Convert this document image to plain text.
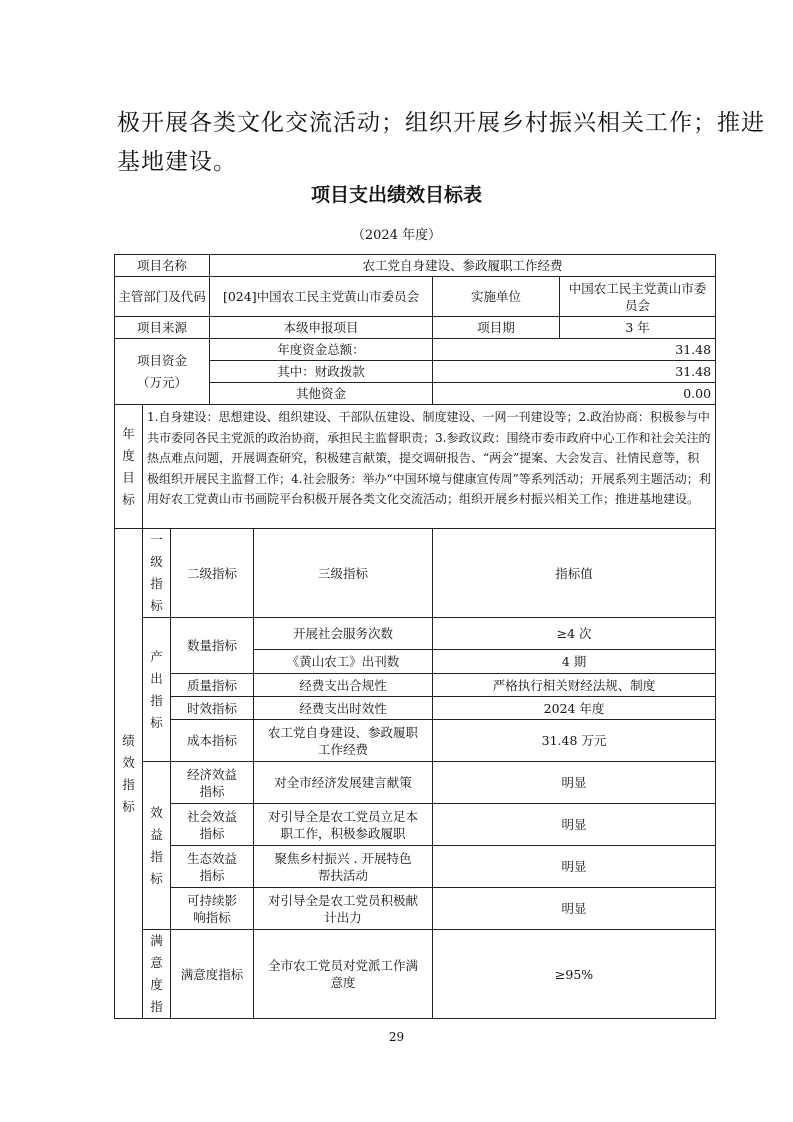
极开展各类文化交流活动；组织开展乡村振兴相关工作；推进
基地建设。
项目支出绩效目标表
（2024 年度）
项目名称			农工党自身建设、参政履职工作经费			
主管部门及代码			[024]中国农工民主党黄山市委员会		实施单位	中国农工民主党黄山市委员会
项目来源			本级申报项目		项目期	3 年
项目资金（万元）			年度资金总额：		31.48	
			其中：财政拨款		31.48	
			其他资金		0.00	

年度目标	1.自身建设：思想建设、组织建设、干部队伍建设、制度建设、一网一刊建设等；2.政治协商：积极参与中共市委同各民主党派的政治协商，承担民主监督职责；3.参政议政：围绕市委市政府中心工作和社会关注的热点难点问题，开展调查研究，积极建言献策，提交调研报告、“两会”提案、大会发言、社情民意等，积极组织开展民主监督工作；4.社会服务：举办“中国环境与健康宣传周”等系列活动；开展系列主题活动；利用好农工党黄山市书画院平台积极开展各类文化交流活动；组织开展乡村振兴相关工作；推进基地建设。					

绩效指标	一级指标	二级指标		三级指标	指标值	

	产出指标	数量指标		开展社会服务次数	≥4 次	
				《黄山农工》出刊数	4 期	
		质量指标		经费支出合规性	严格执行相关财经法规、制度	
		时效指标		经费支出时效性	2024 年度	
		成本指标		农工党自身建设、参政履职工作经费	31.48 万元	

	效益指标	经济效益指标		对全市经济发展建言献策	明显	
		社会效益指标		对引导全是农工党员立足本职工作，积极参政履职	明显	
		生态效益指标		聚焦乡村振兴 . 开展特色帮扶活动	明显	
		可持续影响指标		对引导全是农工党员积极献计出力	明显	

	满意度指	满意度指标		全市农工党员对党派工作满意度	≥95%	
29
